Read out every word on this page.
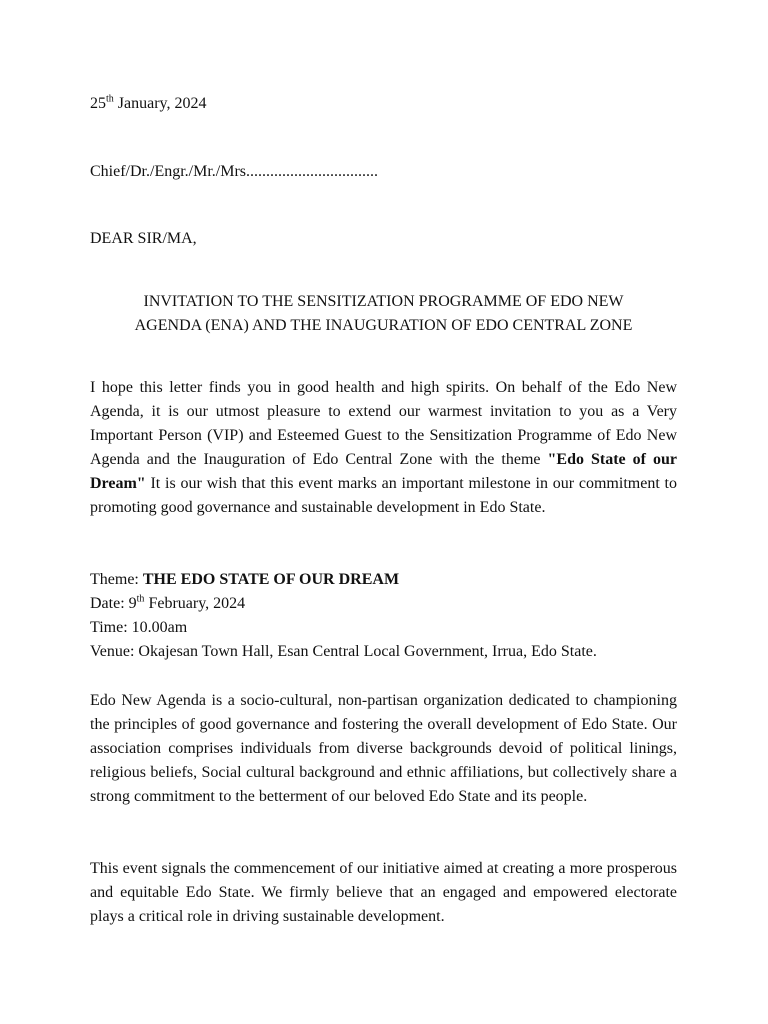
25th January, 2024
Chief/Dr./Engr./Mr./Mrs.................................
DEAR SIR/MA,
INVITATION TO THE SENSITIZATION PROGRAMME OF EDO NEW
AGENDA (ENA) AND THE INAUGURATION OF EDO CENTRAL ZONE
I hope this letter finds you in good health and high spirits. On behalf of the Edo New Agenda, it is our utmost pleasure to extend our warmest invitation to you as a Very Important Person (VIP) and Esteemed Guest to the Sensitization Programme of Edo New Agenda and the Inauguration of Edo Central Zone with the theme "Edo State of our Dream" It is our wish that this event marks an important milestone in our commitment to promoting good governance and sustainable development in Edo State.
Theme: THE EDO STATE OF OUR DREAM
Date: 9th February, 2024
Time: 10.00am
Venue: Okajesan Town Hall, Esan Central Local Government, Irrua, Edo State.
Edo New Agenda is a socio-cultural, non-partisan organization dedicated to championing the principles of good governance and fostering the overall development of Edo State. Our association comprises individuals from diverse backgrounds devoid of political linings, religious beliefs, Social cultural background and ethnic affiliations, but collectively share a strong commitment to the betterment of our beloved Edo State and its people.
This event signals the commencement of our initiative aimed at creating a more prosperous and equitable Edo State. We firmly believe that an engaged and empowered electorate plays a critical role in driving sustainable development.
